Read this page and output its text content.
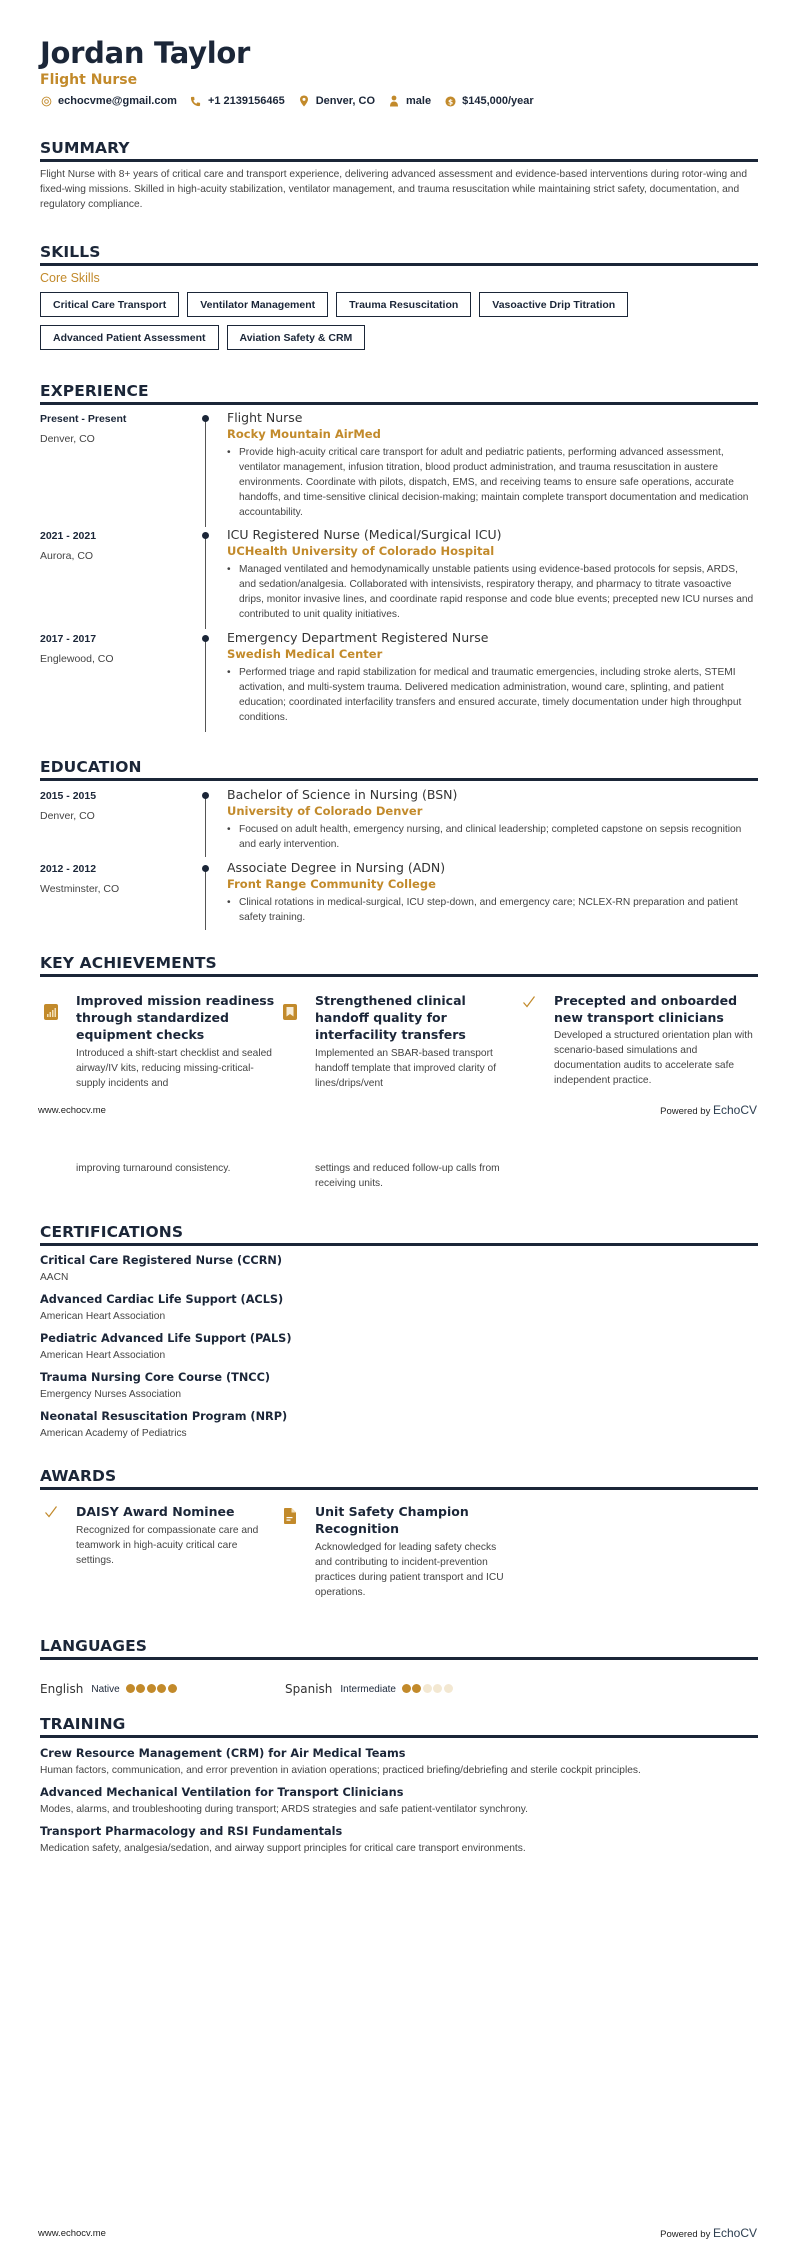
Jordan Taylor
Flight Nurse
echocvme@gmail.com	+1 2139156465	Denver, CO	male $ $145,000/year
SUMMARY
Flight Nurse with 8+ years of critical care and transport experience, delivering advanced assessment and evidence-based interventions during rotor-wing and fixed-wing missions. Skilled in high-acuity stabilization, ventilator management, and trauma resuscitation while maintaining strict safety, documentation, and regulatory compliance.
SKILLS
Core Skills
Critical Care Transport	Ventilator Management	Trauma Resuscitation	Vasoactive Drip Titration
Advanced Patient Assessment	Aviation Safety & CRM
EXPERIENCE
Present - Present
Denver, CO
Flight Nurse
Rocky Mountain AirMed
• Provide high-acuity critical care transport for adult and pediatric patients, performing advanced assessment, ventilator management, infusion titration, blood product administration, and trauma resuscitation in austere environments. Coordinate with pilots, dispatch, EMS, and receiving teams to ensure safe operations, accurate handoffs, and time-sensitive clinical decision-making; maintain complete transport documentation and medication accountability.
2021 - 2021
Aurora, CO
ICU Registered Nurse (Medical/Surgical ICU)
UCHealth University of Colorado Hospital
• Managed ventilated and hemodynamically unstable patients using evidence-based protocols for sepsis, ARDS, and sedation/analgesia. Collaborated with intensivists, respiratory therapy, and pharmacy to titrate vasoactive drips, monitor invasive lines, and coordinate rapid response and code blue events; precepted new ICU nurses and contributed to unit quality initiatives.
2017 - 2017
Englewood, CO
Emergency Department Registered Nurse
Swedish Medical Center
• Performed triage and rapid stabilization for medical and traumatic emergencies, including stroke alerts, STEMI activation, and multi-system trauma. Delivered medication administration, wound care, splinting, and patient education; coordinated interfacility transfers and ensured accurate, timely documentation under high throughput conditions.
EDUCATION
2015 - 2015
Denver, CO
Bachelor of Science in Nursing (BSN)
University of Colorado Denver
• Focused on adult health, emergency nursing, and clinical leadership; completed capstone on sepsis recognition and early intervention.
2012 - 2012
Westminster, CO
Associate Degree in Nursing (ADN)
Front Range Community College
• Clinical rotations in medical-surgical, ICU step-down, and emergency care; NCLEX-RN preparation and patient safety training.
KEY ACHIEVEMENTS
Improved mission readiness through standardized equipment checks
Introduced a shift-start checklist and sealed airway/IV kits, reducing missing-critical-supply incidents and
Strengthened clinical handoff quality for interfacility transfers
Implemented an SBAR-based transport handoff template that improved clarity of lines/drips/vent
Precepted and onboarded new transport clinicians
Developed a structured orientation plan with scenario-based simulations and documentation audits to accelerate safe independent practice.
www.echocv.me	Powered by EchoCV
improving turnaround consistency.	settings and reduced follow-up calls from receiving units.
CERTIFICATIONS
Critical Care Registered Nurse (CCRN)
AACN
Advanced Cardiac Life Support (ACLS)
American Heart Association
Pediatric Advanced Life Support (PALS)
American Heart Association
Trauma Nursing Core Course (TNCC)
Emergency Nurses Association
Neonatal Resuscitation Program (NRP)
American Academy of Pediatrics
AWARDS
DAISY Award Nominee
Recognized for compassionate care and teamwork in high-acuity critical care settings.
Unit Safety Champion Recognition
Acknowledged for leading safety checks and contributing to incident-prevention practices during patient transport and ICU operations.
LANGUAGES
English Native	Spanish Intermediate
TRAINING
Crew Resource Management (CRM) for Air Medical Teams
Human factors, communication, and error prevention in aviation operations; practiced briefing/debriefing and sterile cockpit principles.
Advanced Mechanical Ventilation for Transport Clinicians
Modes, alarms, and troubleshooting during transport; ARDS strategies and safe patient-ventilator synchrony.
Transport Pharmacology and RSI Fundamentals
Medication safety, analgesia/sedation, and airway support principles for critical care transport environments.
www.echocv.me	Powered by EchoCV
